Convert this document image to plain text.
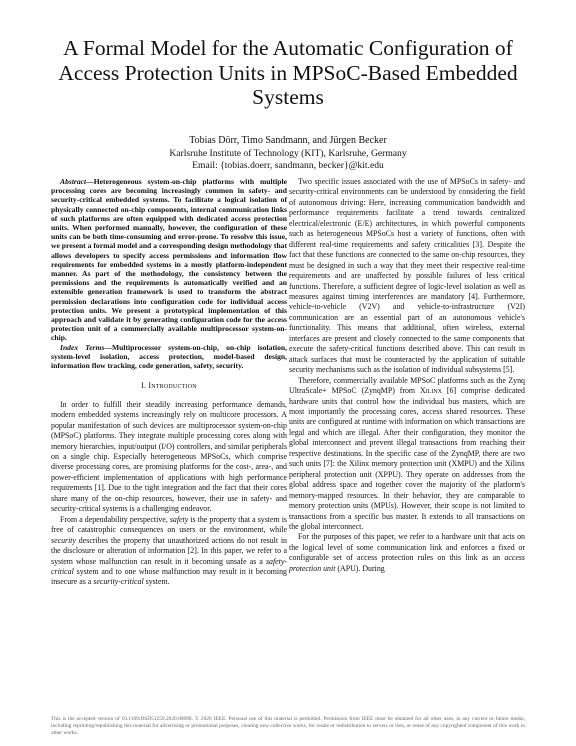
A Formal Model for the Automatic Configuration of Access Protection Units in MPSoC-Based Embedded Systems
Tobias Dörr, Timo Sandmann, and Jürgen Becker
Karlsruhe Institute of Technology (KIT), Karlsruhe, Germany
Email: {tobias.doerr, sandmann, becker}@kit.edu

Abstract—Heterogeneous system-on-chip platforms with multiple processing cores are becoming increasingly common in safety- and security-critical embedded systems. To facilitate a logical isolation of physically connected on-chip components, internal communication links of such platforms are often equipped with dedicated access protection units. When performed manually, however, the configuration of these units can be both time-consuming and error-prone. To resolve this issue, we present a formal model and a corresponding design methodology that allows developers to specify access permissions and information flow requirements for embedded systems in a mostly platform-independent manner. As part of the methodology, the consistency between the permissions and the requirements is automatically verified and an extensible generation framework is used to transform the abstract permission declarations into configuration code for individual access protection units. We present a prototypical implementation of this approach and validate it by generating configuration code for the access protection unit of a commercially available multiprocessor system-on-chip.

Index Terms—Multiprocessor system-on-chip, on-chip isolation, system-level isolation, access protection, model-based design, information flow tracking, code generation, safety, security.

I. Introduction

In order to fulfill their steadily increasing performance demands, modern embedded systems increasingly rely on multicore processors. A popular manifestation of such devices are multiprocessor system-on-chip (MPSoC) platforms. They integrate multiple processing cores along with memory hierarchies, input/output (I/O) controllers, and similar peripherals on a single chip. Especially heterogeneous MPSoCs, which comprise diverse processing cores, are promising platforms for the cost-, area-, and power-efficient implementation of applications with high performance requirements [1]. Due to the tight integration and the fact that their cores share many of the on-chip resources, however, their use in safety- and security-critical systems is a challenging endeavor.

From a dependability perspective, safety is the property that a system is free of catastrophic consequences on users or the environment, while security describes the property that unauthorized actions do not result in the disclosure or alteration of information [2]. In this paper, we refer to a system whose malfunction can result in it becoming unsafe as a safety-critical system and to one whose malfunction may result in it becoming insecure as a security-critical system.

Two specific issues associated with the use of MPSoCs in safety- and security-critical environments can be understood by considering the field of autonomous driving: Here, increasing communication bandwidth and performance requirements facilitate a trend towards centralized electrical/electronic (E/E) architectures, in which powerful components such as heterogeneous MPSoCs host a variety of functions, often with different real-time requirements and safety criticalities [3]. Despite the fact that these functions are connected to the same on-chip resources, they must be designed in such a way that they meet their respective real-time requirements and are unaffected by possible failures of less critical functions. Therefore, a sufficient degree of logic-level isolation as well as measures against timing interferences are mandatory [4]. Furthermore, vehicle-to-vehicle (V2V) and vehicle-to-infrastructure (V2I) communication are an essential part of an autonomous vehicle's functionality. This means that additional, often wireless, external interfaces are present and closely connected to the same components that execute the safety-critical functions described above. This can result in attack surfaces that must be counteracted by the application of suitable security mechanisms such as the isolation of individual subsystems [5].

Therefore, commercially available MPSoC platforms such as the Zynq UltraScale+ MPSoC (ZynqMP) from Xilinx [6] comprise dedicated hardware units that control how the individual bus masters, which are most importantly the processing cores, access shared resources. These units are configured at runtime with information on which transactions are legal and which are illegal. After their configuration, they monitor the global interconnect and prevent illegal transactions from reaching their respective destinations. In the specific case of the ZynqMP, there are two such units [7]: the Xilinx memory protection unit (XMPU) and the Xilinx peripheral protection unit (XPPU). They operate on addresses from the global address space and together cover the majority of the platform's memory-mapped resources. In their behavior, they are comparable to memory protection units (MPUs). However, their scope is not limited to transactions from a specific bus master. It extends to all transactions on the global interconnect.

For the purposes of this paper, we refer to a hardware unit that acts on the logical level of some communication link and enforces a fixed or configurable set of access protection rules on this link as an access protection unit (APU). During

This is the accepted version of 10.1109/DSD51259.2020.00098. © 2020 IEEE. Personal use of this material is permitted. Permission from IEEE must be obtained for all other uses, in any current or future media, including reprinting/republishing this material for advertising or promotional purposes, creating new collective works, for resale or redistribution to servers or lists, or reuse of any copyrighted component of this work in other works.
